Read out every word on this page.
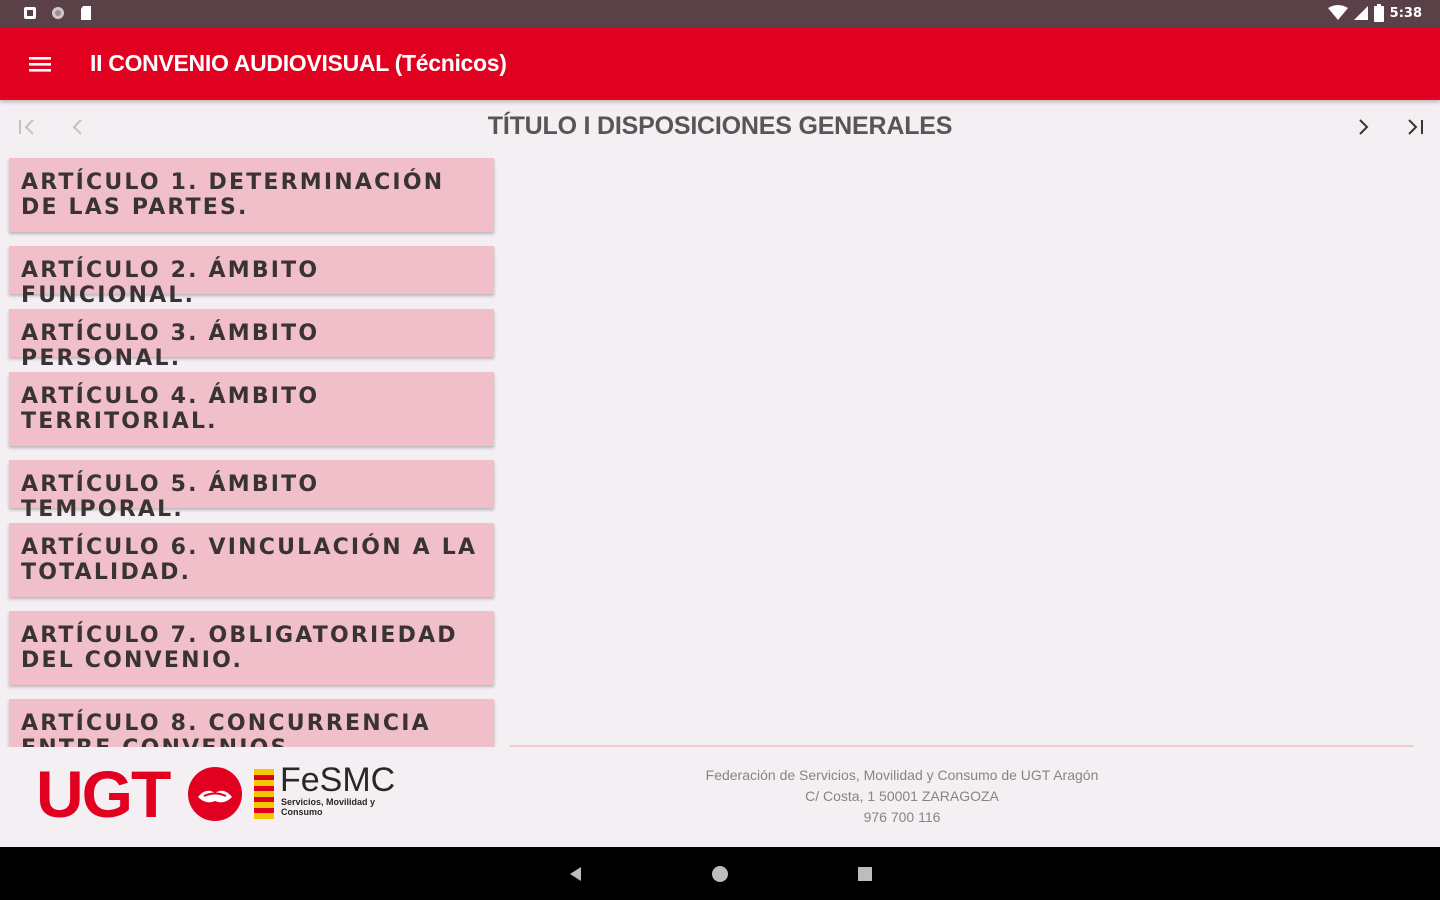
5:38
II CONVENIO AUDIOVISUAL (Técnicos)
TÍTULO I DISPOSICIONES GENERALES
ARTÍCULO 1. DETERMINACIÓN DE LAS PARTES.
ARTÍCULO 2. ÁMBITO FUNCIONAL.
ARTÍCULO 3. ÁMBITO PERSONAL.
ARTÍCULO 4. ÁMBITO TERRITORIAL.
ARTÍCULO 5. ÁMBITO TEMPORAL.
ARTÍCULO 6. VINCULACIÓN A LA TOTALIDAD.
ARTÍCULO 7. OBLIGATORIEDAD DEL CONVENIO.
ARTÍCULO 8. CONCURRENCIA
UGT	FeSMC
Servicios, Movilidad y Consumo
Federación de Servicios, Movilidad y Consumo de UGT Aragón
C/ Costa, 1 50001 ZARAGOZA
976 700 116
